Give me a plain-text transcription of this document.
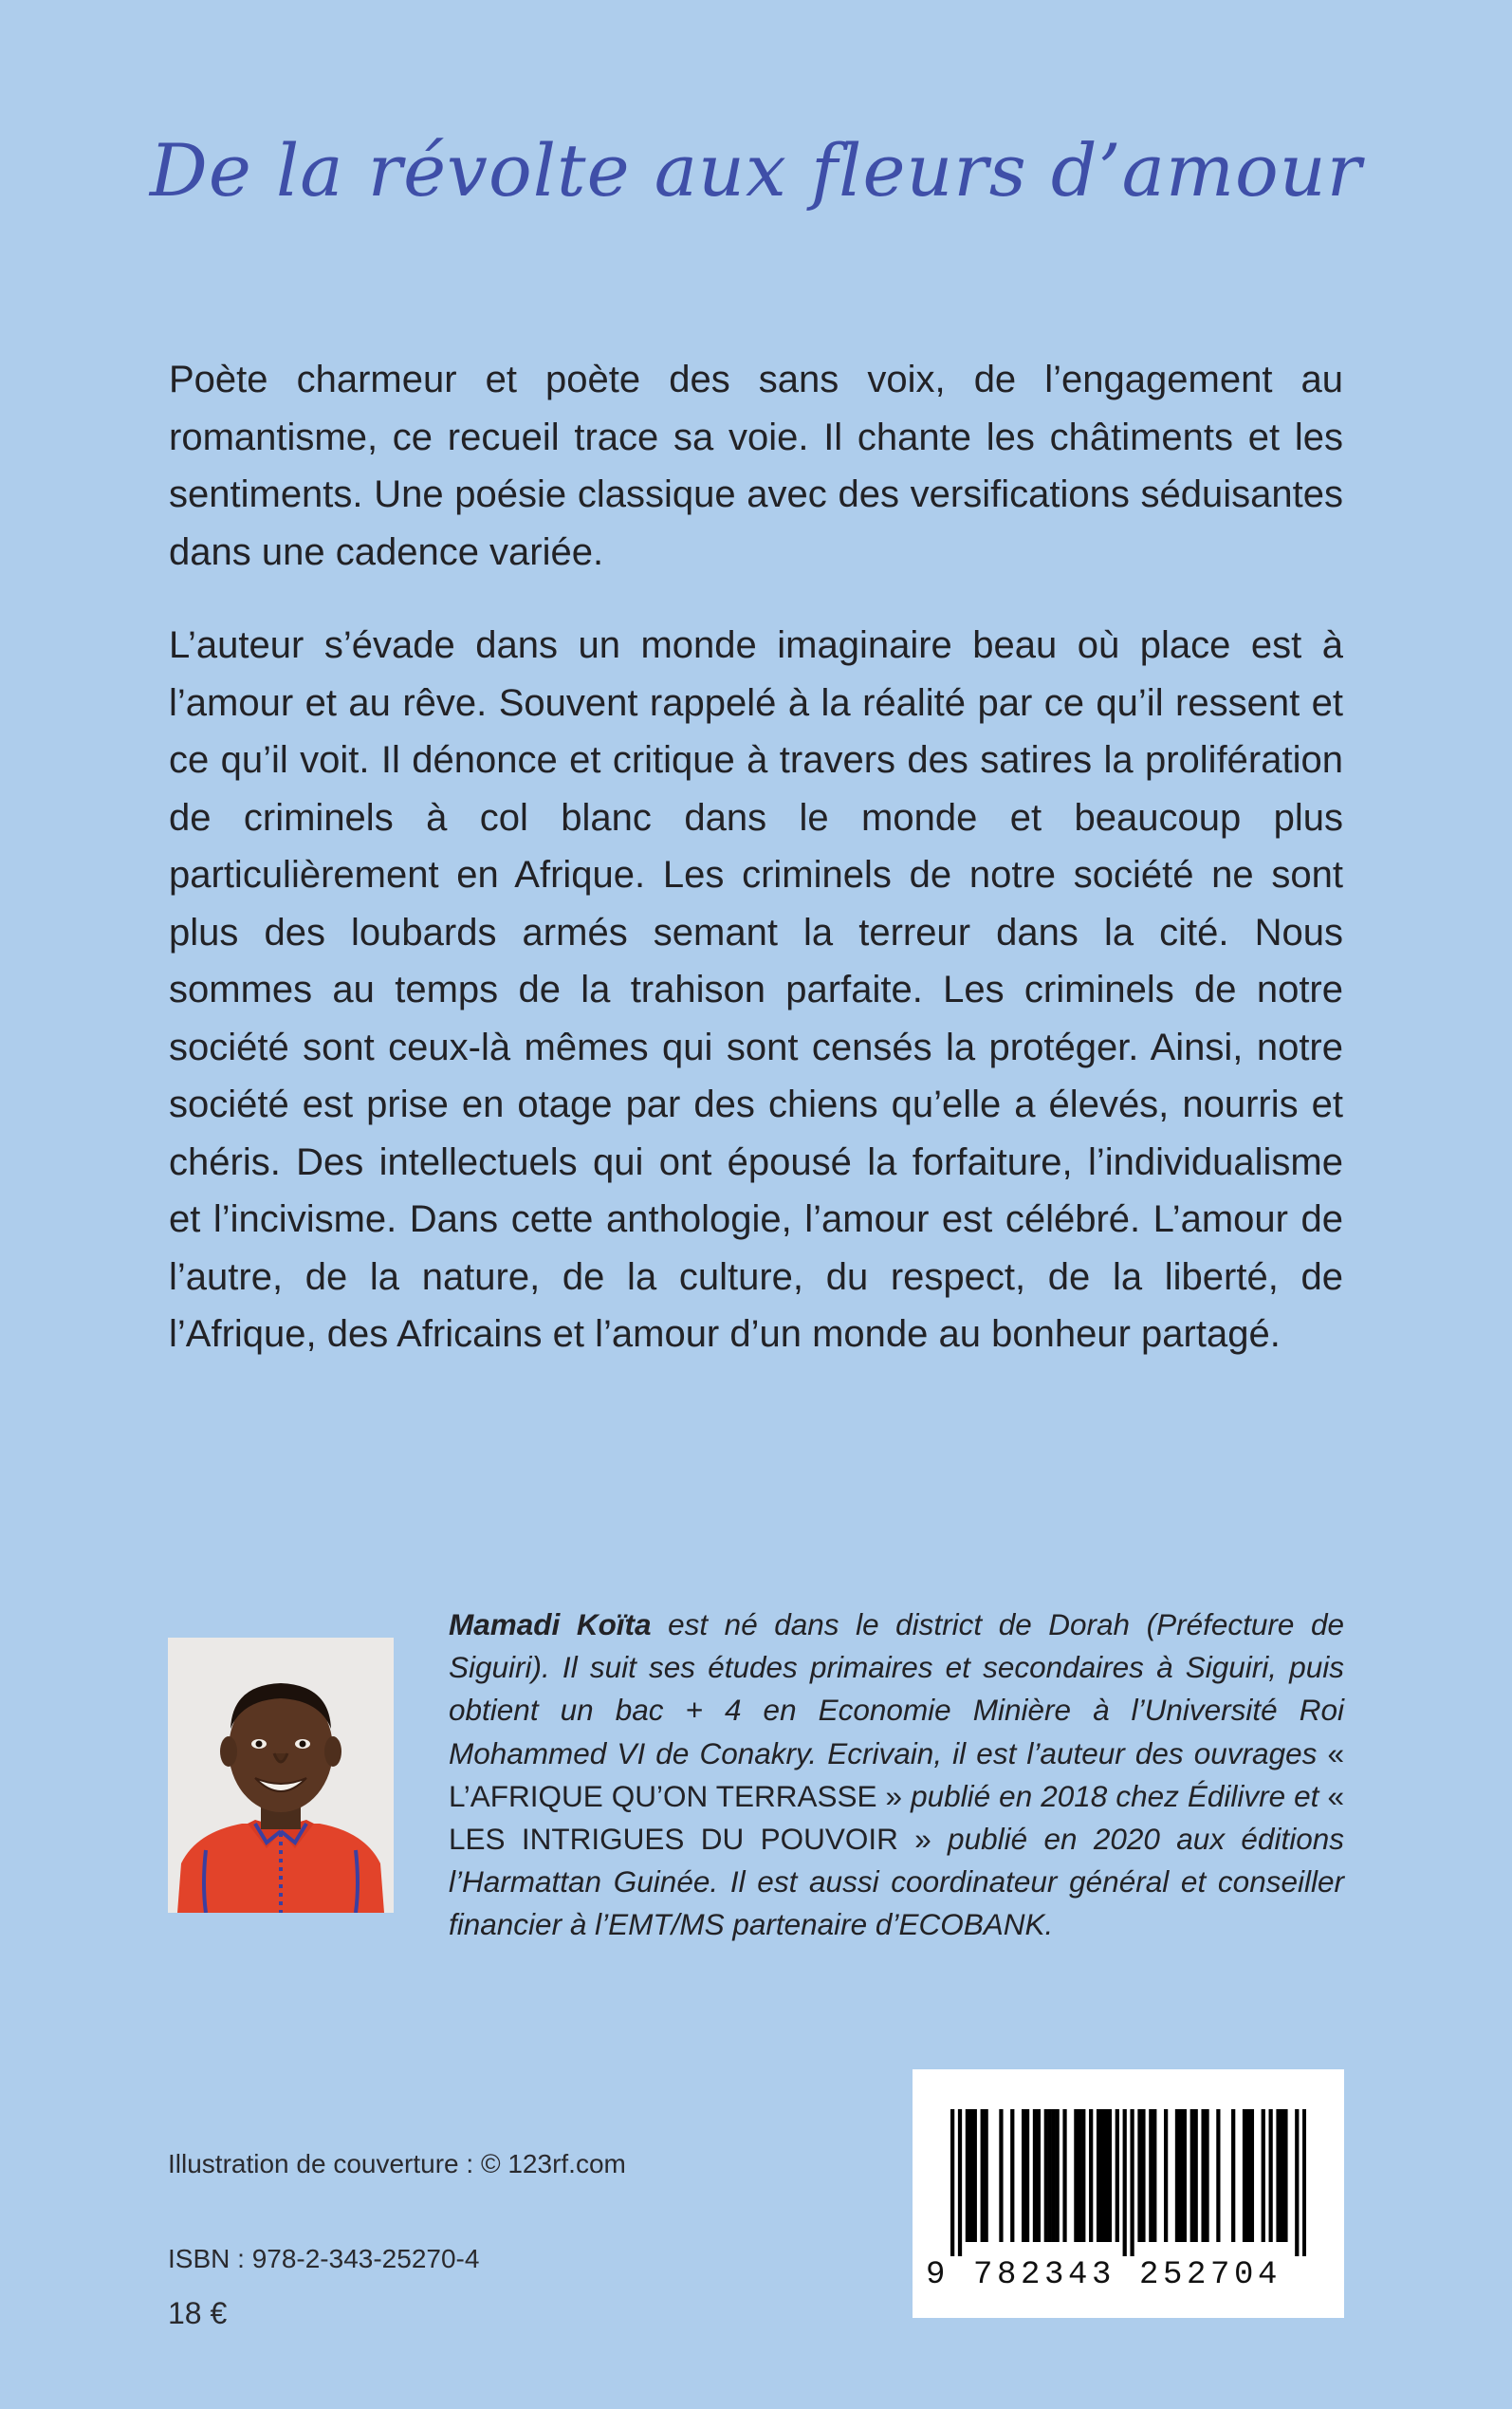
De la révolte aux fleurs d’amour

Poète charmeur et poète des sans voix, de l’engagement au romantisme, ce recueil trace sa voie. Il chante les châtiments et les sentiments. Une poésie classique avec des versifications séduisantes dans une cadence variée.

L’auteur s’évade dans un monde imaginaire beau où place est à l’amour et au rêve. Souvent rappelé à la réalité par ce qu’il ressent et ce qu’il voit. Il dénonce et critique à travers des satires la prolifération de criminels à col blanc dans le monde et beaucoup plus particulièrement en Afrique. Les criminels de notre société ne sont plus des loubards armés semant la terreur dans la cité. Nous sommes au temps de la trahison parfaite. Les criminels de notre société sont ceux-là mêmes qui sont censés la protéger. Ainsi, notre société est prise en otage par des chiens qu’elle a élevés, nourris et chéris. Des intellectuels qui ont épousé la forfaiture, l’individualisme et l’incivisme. Dans cette anthologie, l’amour est célébré. L’amour de l’autre, de la nature, de la culture, du respect, de la liberté, de l’Afrique, des Africains et l’amour d’un monde au bonheur partagé.

Mamadi Koïta est né dans le district de Dorah (Préfecture de Siguiri). Il suit ses études primaires et secondaires à Siguiri, puis obtient un bac + 4 en Economie Minière à l’Université Roi Mohammed VI de Conakry. Ecrivain, il est l’auteur des ouvrages « L’AFRIQUE QU’ON TERRASSE » publié en 2018 chez Édilivre et « LES INTRIGUES DU POUVOIR » publié en 2020 aux éditions l’Harmattan Guinée. Il est aussi coordinateur général et conseiller financier à l’EMT/MS partenaire d’ECOBANK.
Illustration de couverture : © 123rf.com
ISBN : 978-2-343-25270-4
18 €
9 782343 252704
